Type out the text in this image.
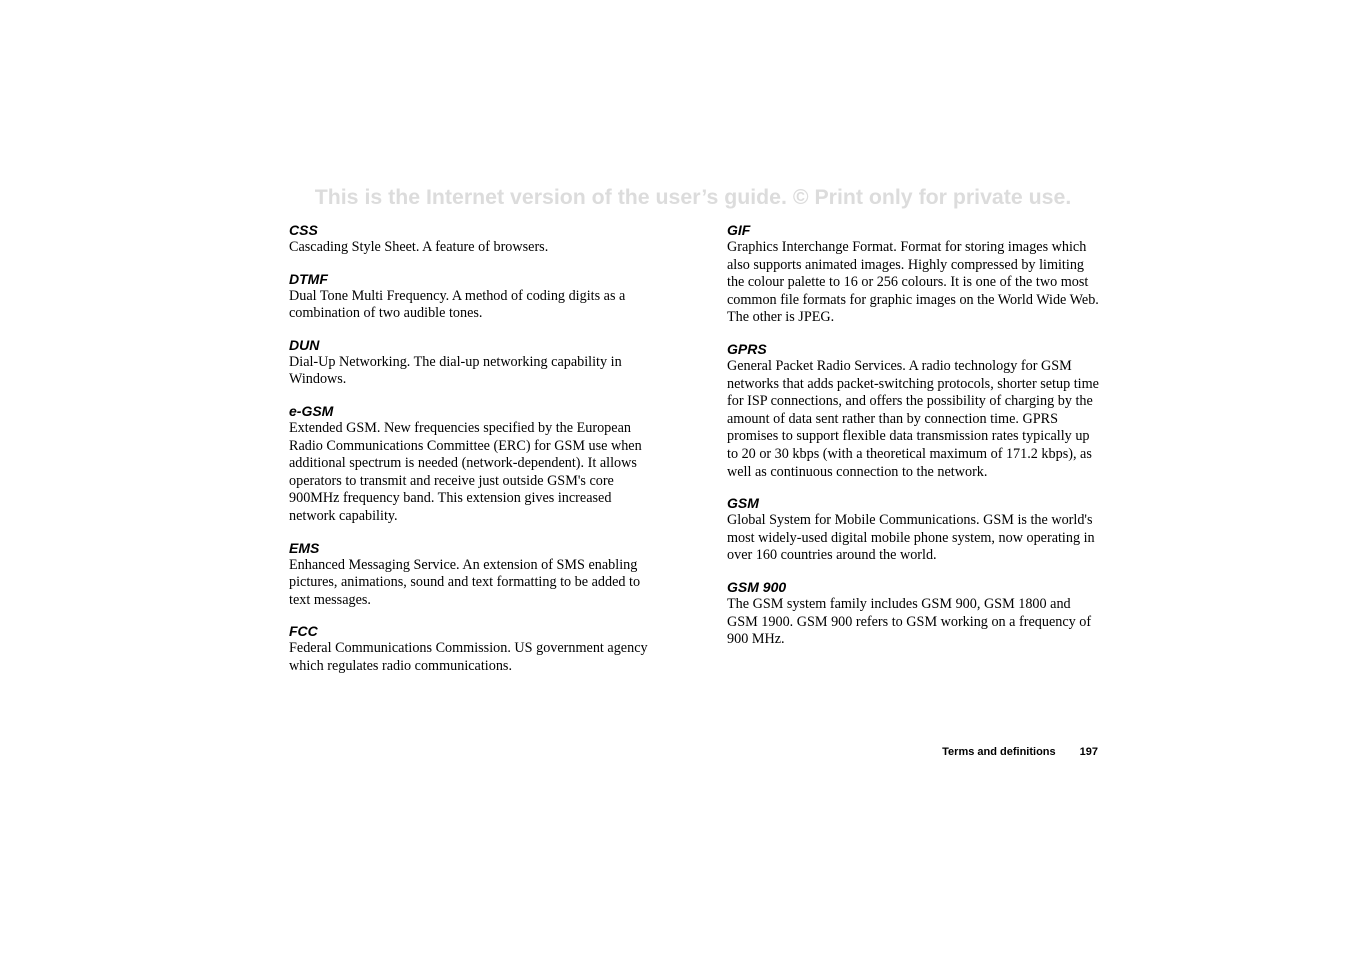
This is the Internet version of the user’s guide. © Print only for private use.

CSS

Cascading Style Sheet. A feature of browsers.

DTMF

Dual Tone Multi Frequency. A method of coding digits as a combination of two audible tones.

DUN

Dial-Up Networking. The dial-up networking capability in Windows.

e-GSM

Extended GSM. New frequencies specified by the European Radio Communications Committee (ERC) for GSM use when additional spectrum is needed (network-dependent). It allows operators to transmit and receive just outside GSM's core 900MHz frequency band. This extension gives increased network capability.

EMS

Enhanced Messaging Service. An extension of SMS enabling pictures, animations, sound and text formatting to be added to text messages.

FCC

Federal Communications Commission. US government agency which regulates radio communications.

GIF

Graphics Interchange Format. Format for storing images which also supports animated images. Highly compressed by limiting the colour palette to 16 or 256 colours. It is one of the two most common file formats for graphic images on the World Wide Web. The other is JPEG.

GPRS

General Packet Radio Services. A radio technology for GSM networks that adds packet-switching protocols, shorter setup time for ISP connections, and offers the possibility of charging by the amount of data sent rather than by connection time. GPRS promises to support flexible data transmission rates typically up to 20 or 30 kbps (with a theoretical maximum of 171.2 kbps), as well as continuous connection to the network.

GSM

Global System for Mobile Communications. GSM is the world's most widely-used digital mobile phone system, now operating in over 160 countries around the world.

GSM 900

The GSM system family includes GSM 900, GSM 1800 and GSM 1900. GSM 900 refers to GSM working on a frequency of 900 MHz.

Terms and definitions 197
